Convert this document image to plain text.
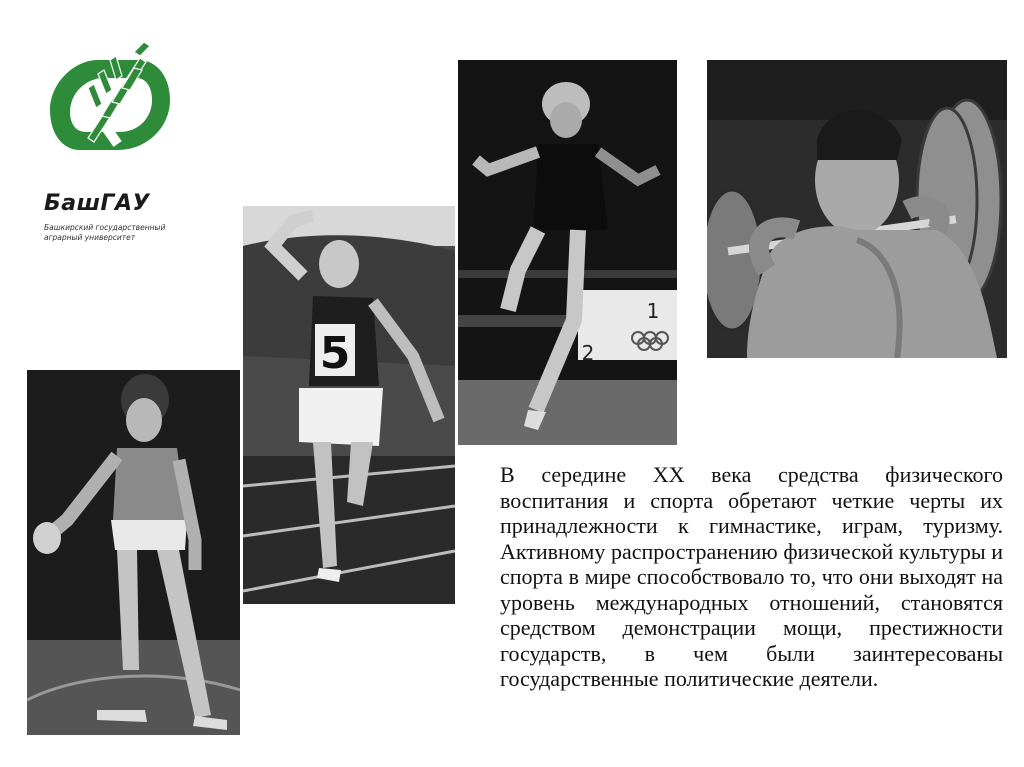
БашГАУ
Башкирский государственный
аграрный университет
5
1
2
В середине XX века средства физического воспитания и спорта обретают четкие черты их принадлежности к гимнастике, играм, туризму. Активному распространению физической культуры и спорта в мире способствовало то, что они выходят на уровень международных отношений, становятся средством демонстрации мощи, престижности государств, в чем были заинтересованы государственные политические деятели.
